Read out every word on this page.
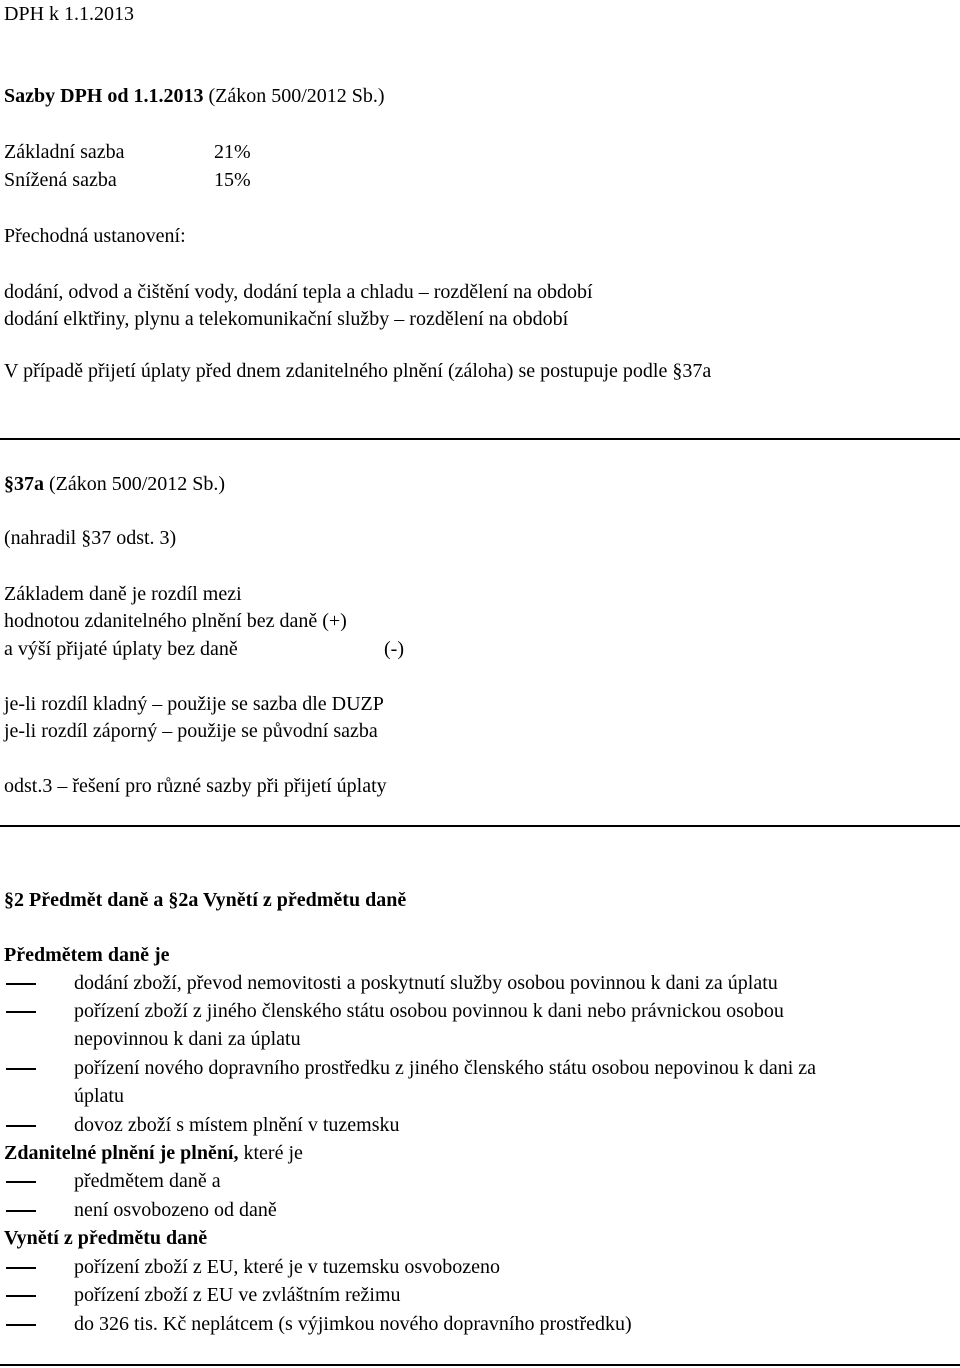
DPH k 1.1.2013
Sazby DPH od 1.1.2013 (Zákon 500/2012 Sb.)
Základní sazba	21%
Snížená sazba	15%
Přechodná ustanovení:
dodání, odvod a čištění vody, dodání tepla a chladu – rozdělení na období
dodání elktřiny, plynu a telekomunikační služby – rozdělení na období
V případě přijetí úplaty před dnem zdanitelného plnění (záloha) se postupuje podle §37a
§37a (Zákon 500/2012 Sb.)
(nahradil §37 odst. 3)
Základem daně je rozdíl mezi
hodnotou zdanitelného plnění bez daně (+)
a výší přijaté úplaty bez daně	(-)
je-li rozdíl kladný – použije se sazba dle DUZP
je-li rozdíl záporný – použije se původní sazba
odst.3 – řešení pro různé sazby při přijetí úplaty
§2 Předmět daně a §2a Vynětí z předmětu daně
Předmětem daně je
dodání zboží, převod nemovitosti a poskytnutí služby osobou povinnou k dani za úplatu
pořízení zboží z jiného členského státu osobou povinnou k dani nebo právnickou osobou
nepovinnou k dani za úplatu
pořízení nového dopravního prostředku z jiného členského státu osobou nepovinou k dani za
úplatu
dovoz zboží s místem plnění v tuzemsku
Zdanitelné plnění je plnění, které je
předmětem daně a
není osvobozeno od daně
Vynětí z předmětu daně
pořízení zboží z EU, které je v tuzemsku osvobozeno
pořízení zboží z EU ve zvláštním režimu
do 326 tis. Kč neplátcem (s výjimkou nového dopravního prostředku)
